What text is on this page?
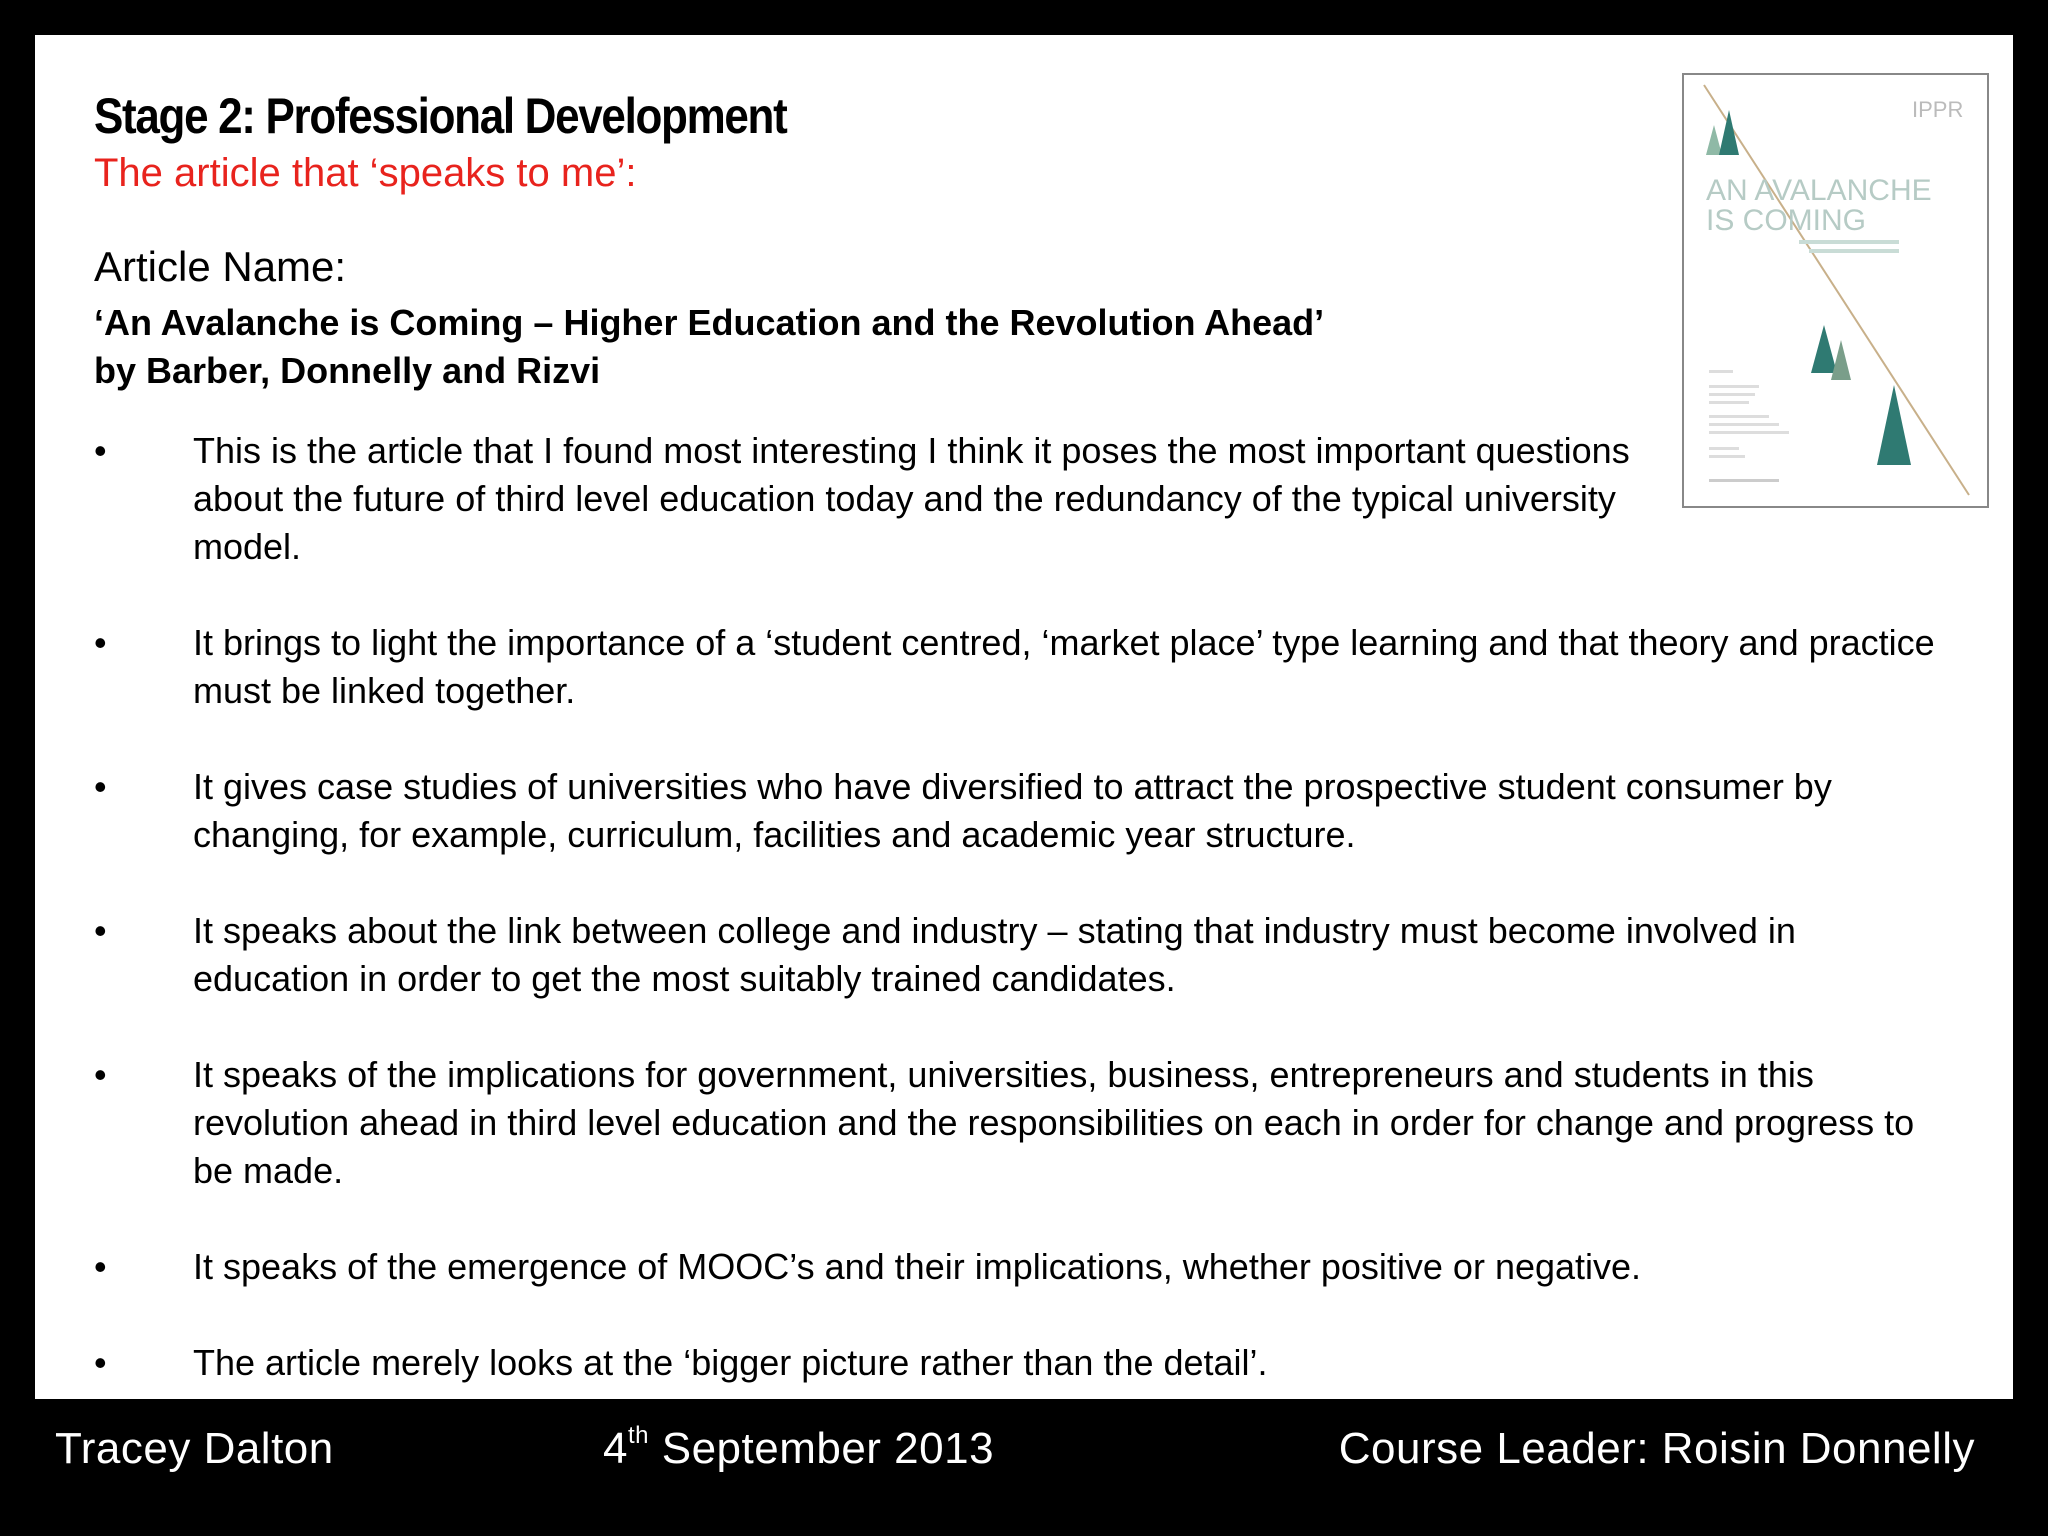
Stage 2: Professional Development
The article that ‘speaks to me’:
Article Name:
‘An Avalanche is Coming – Higher Education and the Revolution Ahead’
by Barber, Donnelly and Rizvi
•	This is the article that I found most interesting I think it poses the most important questions about the future of third level education today and the redundancy of the typical university model.
•	It brings to light the importance of a ‘student centred, ‘market place’ type learning and that theory and practice must be linked together.
•	It gives case studies of universities who have diversified to attract the prospective student consumer by changing, for example, curriculum, facilities and academic year structure.
•	It speaks about the link between college and industry – stating that industry must become involved in education in order to get the most suitably trained candidates.
•	It speaks of the implications for government, universities, business, entrepreneurs and students in this revolution ahead in third level education and the responsibilities on each in order for change and progress to be made.
•	It speaks of the emergence of MOOC’s and their implications, whether positive or negative.
•	The article merely looks at the ‘bigger picture rather than the detail’.
IPPR
AN AVALANCHE
IS COMING
Tracey Dalton	4th September 2013	Course Leader: Roisin Donnelly
